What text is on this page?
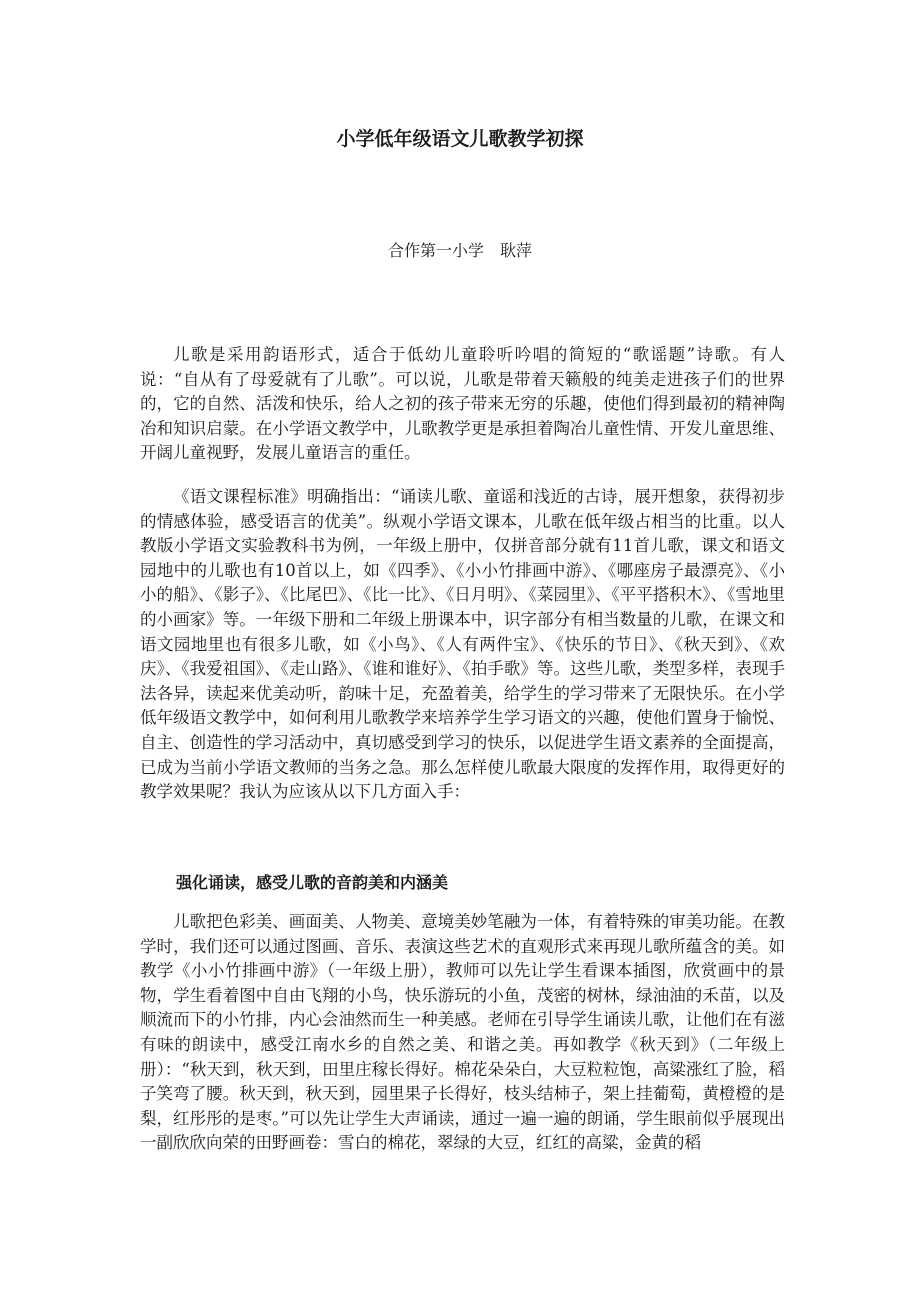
小学低年级语文儿歌教学初探

合作第一小学　耿萍

儿歌是采用韵语形式，适合于低幼儿童聆听吟唱的简短的“歌谣题”诗歌。有人说：“自从有了母爱就有了儿歌”。可以说，儿歌是带着天籁般的纯美走进孩子们的世界的，它的自然、活泼和快乐，给人之初的孩子带来无穷的乐趣，使他们得到最初的精神陶冶和知识启蒙。在小学语文教学中，儿歌教学更是承担着陶冶儿童性情、开发儿童思维、开阔儿童视野，发展儿童语言的重任。

《语文课程标准》明确指出：“诵读儿歌、童谣和浅近的古诗，展开想象，获得初步的情感体验，感受语言的优美”。纵观小学语文课本，儿歌在低年级占相当的比重。以人教版小学语文实验教科书为例，一年级上册中，仅拼音部分就有11首儿歌，课文和语文园地中的儿歌也有10首以上，如《四季》、《小小竹排画中游》、《哪座房子最漂亮》、《小小的船》、《影子》、《比尾巴》、《比一比》、《日月明》、《菜园里》、《平平搭积木》、《雪地里的小画家》等。一年级下册和二年级上册课本中，识字部分有相当数量的儿歌，在课文和语文园地里也有很多儿歌，如《小鸟》、《人有两件宝》、《快乐的节日》、《秋天到》、《欢庆》、《我爱祖国》、《走山路》、《谁和谁好》、《拍手歌》等。这些儿歌，类型多样，表现手法各异，读起来优美动听，韵味十足，充盈着美，给学生的学习带来了无限快乐。在小学低年级语文教学中，如何利用儿歌教学来培养学生学习语文的兴趣，使他们置身于愉悦、自主、创造性的学习活动中，真切感受到学习的快乐，以促进学生语文素养的全面提高，已成为当前小学语文教师的当务之急。那么怎样使儿歌最大限度的发挥作用，取得更好的教学效果呢？我认为应该从以下几方面入手：

强化诵读，感受儿歌的音韵美和内涵美

儿歌把色彩美、画面美、人物美、意境美妙笔融为一体，有着特殊的审美功能。在教学时，我们还可以通过图画、音乐、表演这些艺术的直观形式来再现儿歌所蕴含的美。如教学《小小竹排画中游》（一年级上册），教师可以先让学生看课本插图，欣赏画中的景物，学生看着图中自由飞翔的小鸟，快乐游玩的小鱼，茂密的树林，绿油油的禾苗，以及顺流而下的小竹排，内心会油然而生一种美感。老师在引导学生诵读儿歌，让他们在有滋有味的朗读中，感受江南水乡的自然之美、和谐之美。再如教学《秋天到》（二年级上册）：“秋天到，秋天到，田里庄稼长得好。棉花朵朵白，大豆粒粒饱，高粱涨红了脸，稻子笑弯了腰。秋天到，秋天到，园里果子长得好，枝头结柿子，架上挂葡萄，黄橙橙的是梨，红彤彤的是枣。”可以先让学生大声诵读，通过一遍一遍的朗诵，学生眼前似乎展现出一副欣欣向荣的田野画卷：雪白的棉花，翠绿的大豆，红红的高粱，金黄的稻
